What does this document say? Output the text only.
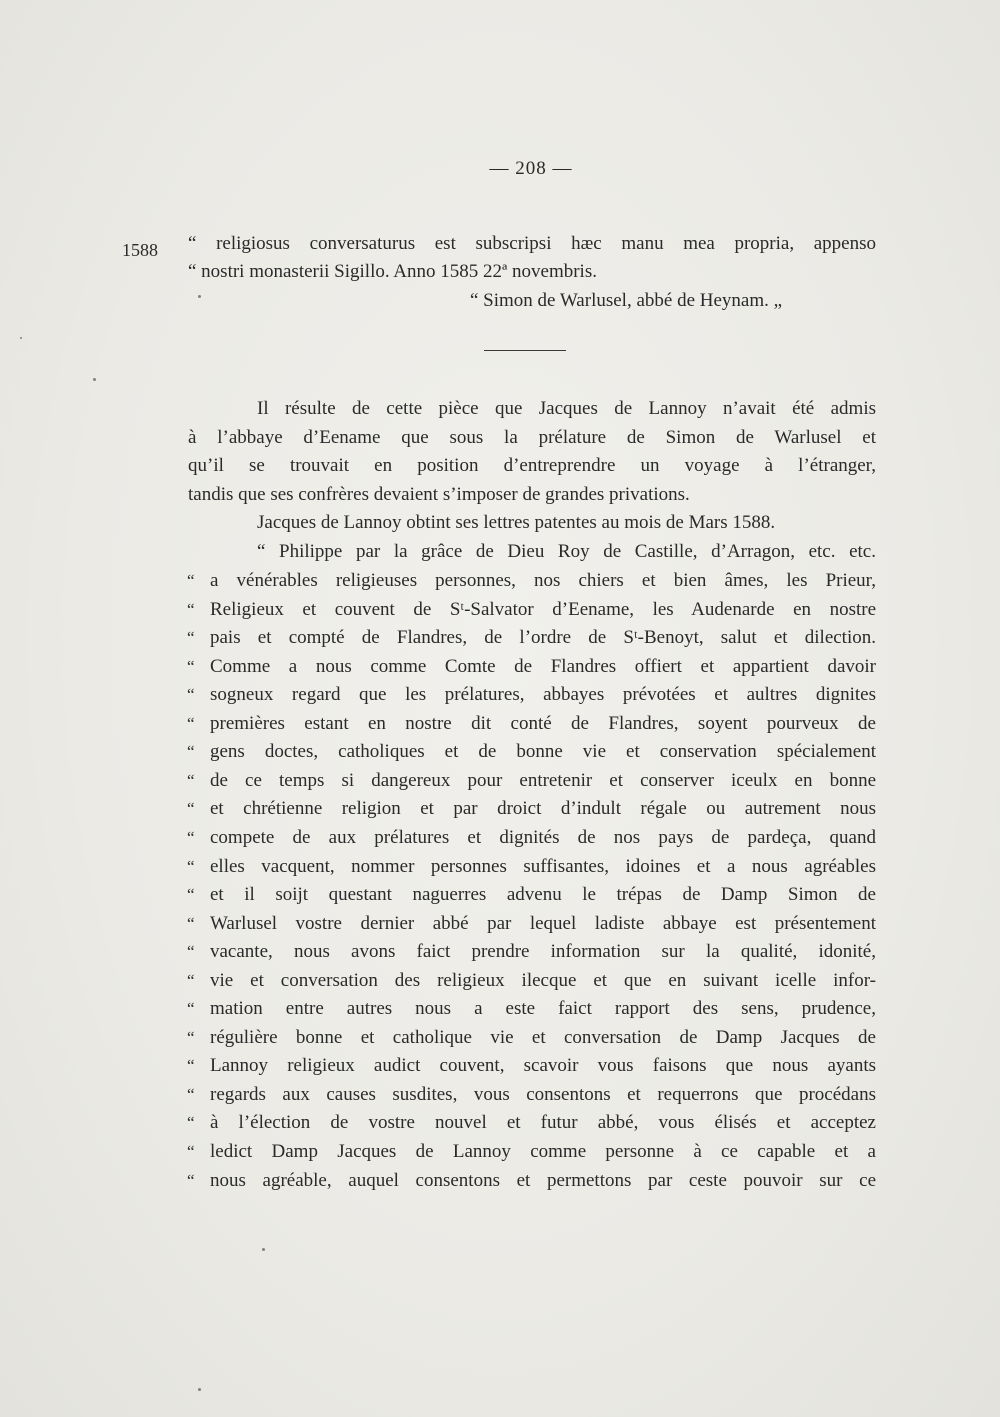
— 208 —
1588 “ religiosus conversaturus est subscripsi hæc manu mea propria, appenso
“ nostri monasterii Sigillo. Anno 1585 22ª novembris.
“ Simon de Warlusel, abbé de Heynam. „
Il résulte de cette pièce que Jacques de Lannoy n’avait été admis
à l’abbaye d’Eename que sous la prélature de Simon de Warlusel et
qu’il se trouvait en position d’entreprendre un voyage à l’étranger,
tandis que ses confrères devaient s’imposer de grandes privations.
Jacques de Lannoy obtint ses lettres patentes au mois de Mars 1588.
“ Philippe par la grâce de Dieu Roy de Castille, d’Arragon, etc. etc.
“ a vénérables religieuses personnes, nos chiers et bien âmes, les Prieur,
“ Religieux et couvent de Sᵗ-Salvator d’Eename, les Audenarde en nostre
“ pais et compté de Flandres, de l’ordre de Sᵗ-Benoyt, salut et dilection.
“ Comme a nous comme Comte de Flandres offiert et appartient davoir
“ sogneux regard que les prélatures, abbayes prévotées et aultres dignites
“ premières estant en nostre dit conté de Flandres, soyent pourveux de
“ gens doctes, catholiques et de bonne vie et conservation spécialement
“ de ce temps si dangereux pour entretenir et conserver iceulx en bonne
“ et chrétienne religion et par droict d’indult régale ou autrement nous
“ compete de aux prélatures et dignités de nos pays de pardeça, quand
“ elles vacquent, nommer personnes suffisantes, idoines et a nous agréables
“ et il soijt questant naguerres advenu le trépas de Damp Simon de
“ Warlusel vostre dernier abbé par lequel ladiste abbaye est présentement
“ vacante, nous avons faict prendre information sur la qualité, idonité,
“ vie et conversation des religieux ilecque et que en suivant icelle infor-
“ mation entre autres nous a este faict rapport des sens, prudence,
“ régulière bonne et catholique vie et conversation de Damp Jacques de
“ Lannoy religieux audict couvent, scavoir vous faisons que nous ayants
“ regards aux causes susdites, vous consentons et requerrons que procédans
“ à l’élection de vostre nouvel et futur abbé, vous élisés et acceptez
“ ledict Damp Jacques de Lannoy comme personne à ce capable et a
“ nous agréable, auquel consentons et permettons par ceste pouvoir sur ce
